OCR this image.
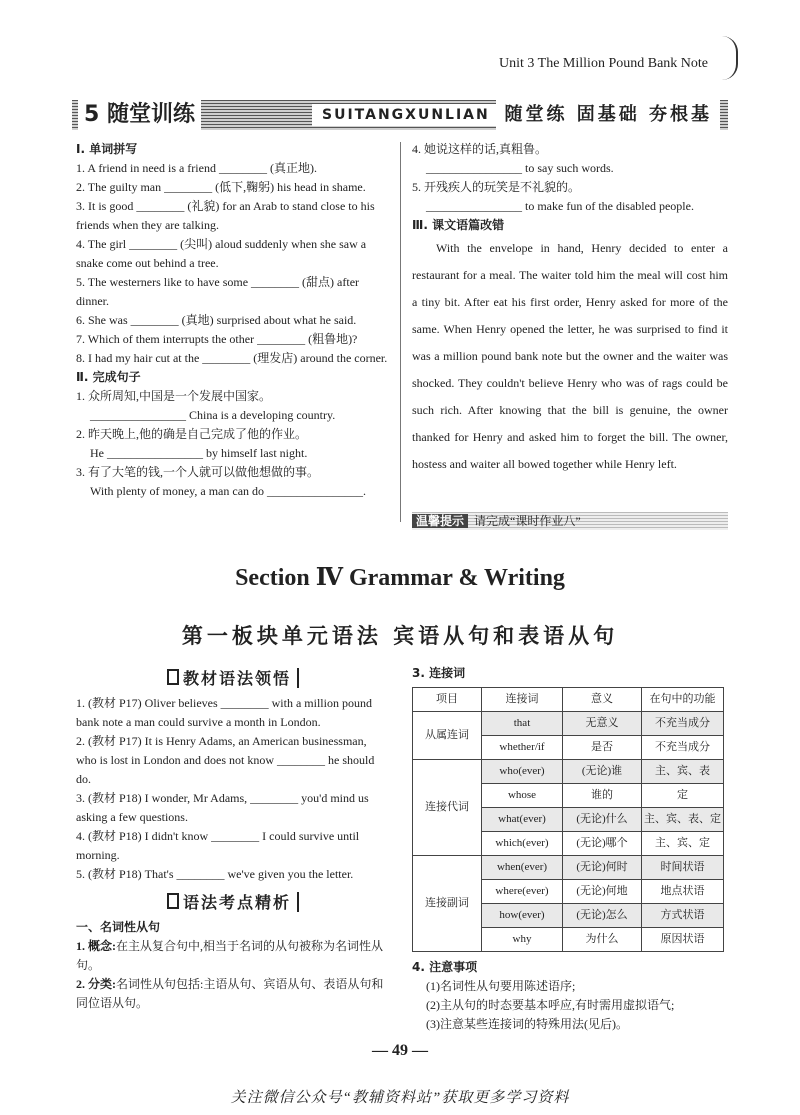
Unit 3 The Million Pound Bank Note
5 随堂训练	SUITANGXUNLIAN 随堂练 固基础 夯根基

Ⅰ. 单词拼写

1. A friend in need is a friend ________ (真正地).

2. The guilty man ________ (低下,鞠躬) his head in shame.

3. It is good ________ (礼貌) for an Arab to stand close to his friends when they are talking.

4. The girl ________ (尖叫) aloud suddenly when she saw a snake come out behind a tree.

5. The westerners like to have some ________ (甜点) after dinner.

6. She was ________ (真地) surprised about what he said.

7. Which of them interrupts the other ________ (粗鲁地)?

8. I had my hair cut at the ________ (理发店) around the corner.

Ⅱ. 完成句子

1. 众所周知,中国是一个发展中国家。

________________ China is a developing country.

2. 昨天晚上,他的确是自己完成了他的作业。

He ________________ by himself last night.

3. 有了大笔的钱,一个人就可以做他想做的事。

With plenty of money, a man can do ________________.

4. 她说这样的话,真粗鲁。

________________ to say such words.

5. 开残疾人的玩笑是不礼貌的。

________________ to make fun of the disabled people.

Ⅲ. 课文语篇改错

With the envelope in hand, Henry decided to enter a restaurant for a meal. The waiter told him the meal will cost him a tiny bit. After eat his first order, Henry asked for more of the same. When Henry opened the letter, he was surprised to find it was a million pound bank note but the owner and the waiter was shocked. They couldn't believe Henry who was of rags could be such rich. After knowing that the bill is genuine, the owner thanked for Henry and asked him to forget the bill. The owner, hostess and waiter all bowed together while Henry left.

温馨提示 请完成“课时作业八”
Section Ⅳ Grammar & Writing
第一板块单元语法 宾语从句和表语从句
教材语法领悟

1. (教材 P17) Oliver believes ________ with a million pound bank note a man could survive a month in London.

2. (教材 P17) It is Henry Adams, an American businessman, who is lost in London and does not know ________ he should do.

3. (教材 P18) I wonder, Mr Adams, ________ you'd mind us asking a few questions.

4. (教材 P18) I didn't know ________ I could survive until morning.

5. (教材 P18) That's ________ we've given you the letter.

语法考点精析

一、名词性从句

1. 概念:在主从复合句中,相当于名词的从句被称为名词性从句。

2. 分类:名词性从句包括:主语从句、宾语从句、表语从句和同位语从句。

3. 连接词

项目	连接词	意义	在句中的功能
从属连词	that	无意义	不充当成分
	whether/if	是否	不充当成分
连接代词	who(ever)	(无论)谁	主、宾、表
	whose	谁的	定
	what(ever)	(无论)什么	主、宾、表、定
	which(ever)	(无论)哪个	主、宾、定
连接副词	when(ever)	(无论)何时	时间状语
	where(ever)	(无论)何地	地点状语
	how(ever)	(无论)怎么	方式状语
	why	为什么	原因状语

4. 注意事项

(1)名词性从句要用陈述语序;

(2)主从句的时态要基本呼应,有时需用虚拟语气;

(3)注意某些连接词的特殊用法(见后)。

— 49 —
关注微信公众号“教辅资料站”获取更多学习资料
